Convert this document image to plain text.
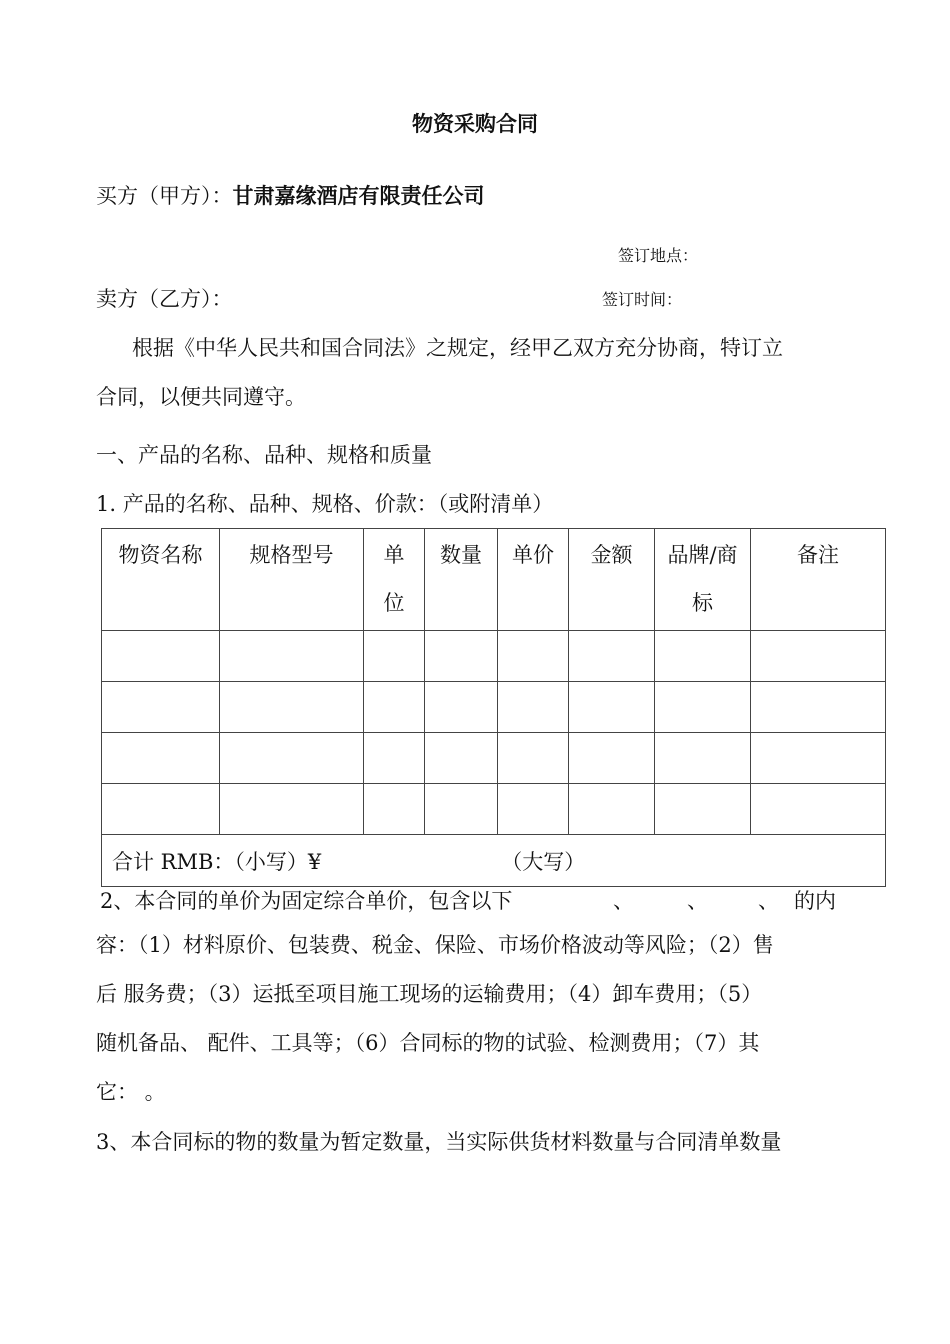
物资采购合同
买方（甲方）：甘肃嘉缘酒店有限责任公司
签订地点：
卖方（乙方）：	签订时间：
根据《中华人民共和国合同法》之规定，经甲乙双方充分协商，特订立
合同，以便共同遵守。
一、产品的名称、品种、规格和质量
1. 产品的名称、品种、规格、价款：（或附清单）
物资名称	规格型号	单位	数量	单价	金额	品牌/商标	备注

合计 RMB：（小写）¥ （大写）							
2、本合同的单价为固定综合单价，包含以下	、	、 、 的内
容：（1）材料原价、包装费、税金、保险、市场价格波动等风险；（2）售
后 服务费；（3）运抵至项目施工现场的运输费用；（4）卸车费用；（5）
随机备品、 配件、工具等；（6）合同标的物的试验、检测费用；（7）其
它： 。
3、本合同标的物的数量为暂定数量，当实际供货材料数量与合同清单数量
